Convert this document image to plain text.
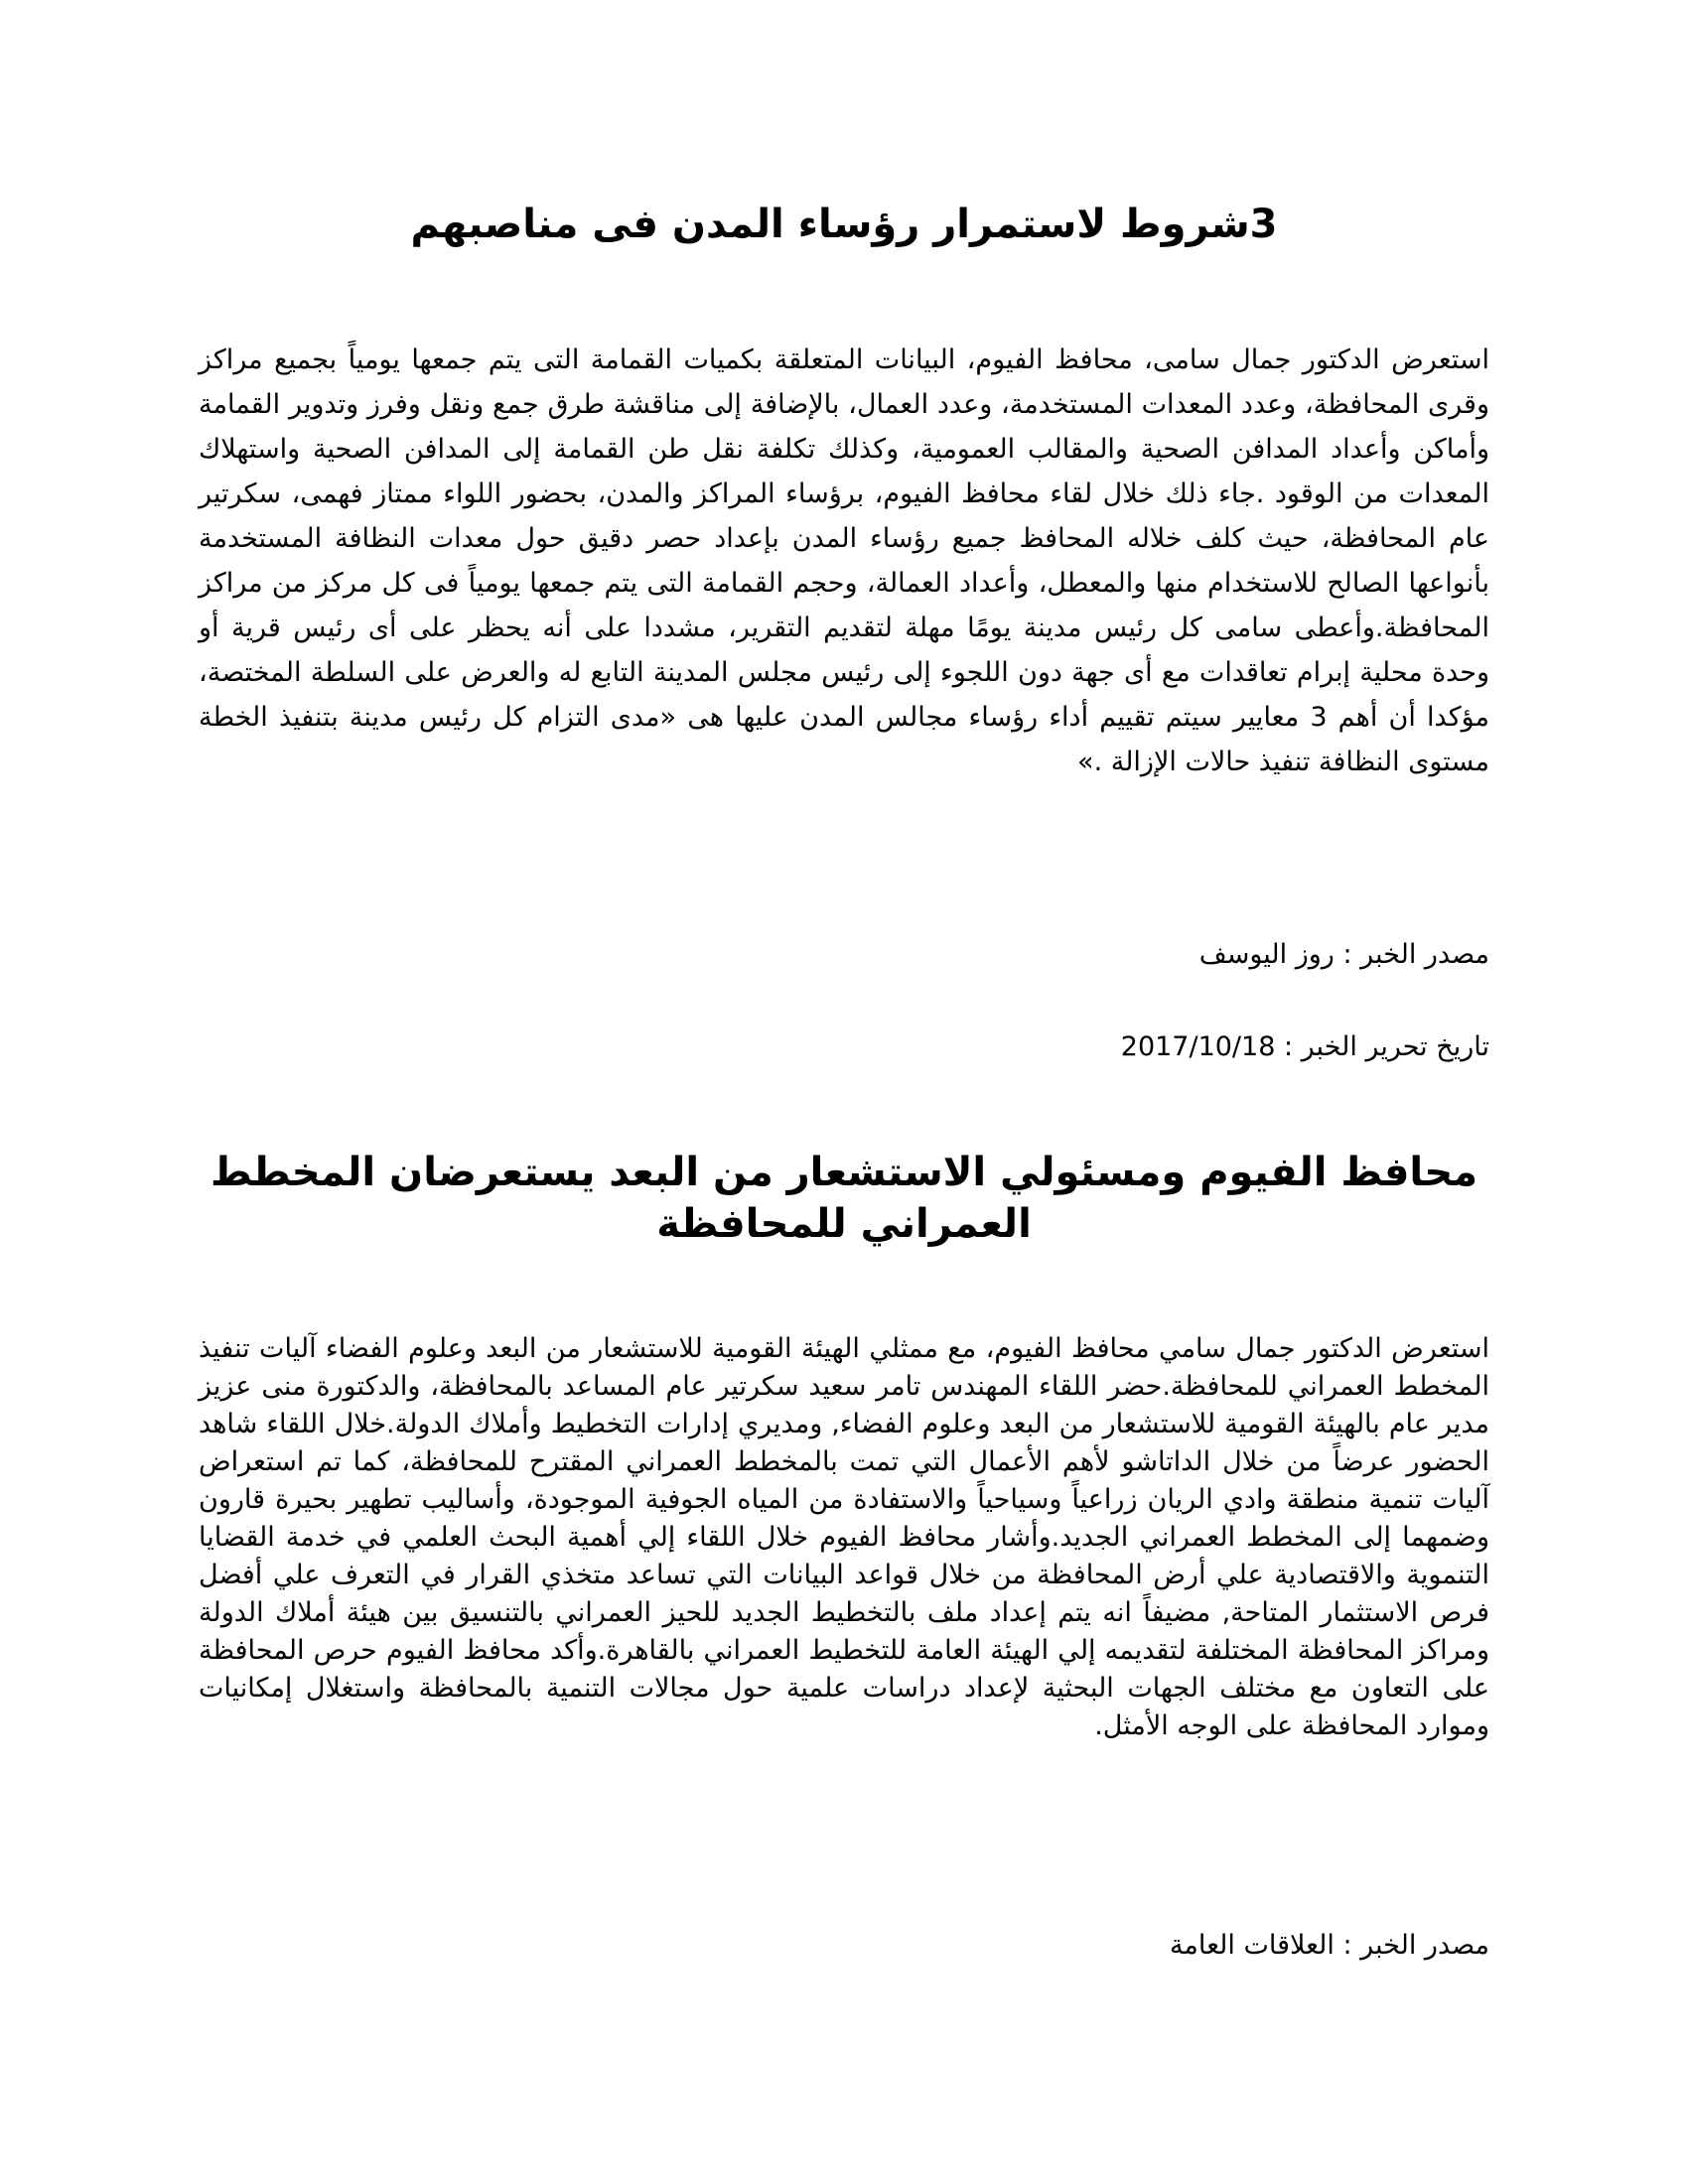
3شروط لاستمرار رؤساء المدن فى مناصبهم

استعرض الدكتور جمال سامى، محافظ الفيوم، البيانات المتعلقة بكميات القمامة التى يتم جمعها يومياً بجميع مراكز وقرى المحافظة، وعدد المعدات المستخدمة، وعدد العمال، بالإضافة إلى مناقشة طرق جمع ونقل وفرز وتدوير القمامة وأماكن وأعداد المدافن الصحية والمقالب العمومية، وكذلك تكلفة نقل طن القمامة إلى المدافن الصحية واستهلاك المعدات من الوقود .جاء ذلك خلال لقاء محافظ الفيوم، برؤساء المراكز والمدن، بحضور اللواء ممتاز فهمى، سكرتير عام المحافظة، حيث كلف خلاله المحافظ جميع رؤساء المدن بإعداد حصر دقيق حول معدات النظافة المستخدمة بأنواعها الصالح للاستخدام منها والمعطل، وأعداد العمالة، وحجم القمامة التى يتم جمعها يومياً فى كل مركز من مراكز المحافظة.وأعطى سامى كل رئيس مدينة يومًا مهلة لتقديم التقرير، مشددا على أنه يحظر على أى رئيس قرية أو وحدة محلية إبرام تعاقدات مع أى جهة دون اللجوء إلى رئيس مجلس المدينة التابع له والعرض على السلطة المختصة، مؤكدا أن أهم 3 معايير سيتم تقييم أداء رؤساء مجالس المدن عليها هى «مدى التزام كل رئيس مدينة بتنفيذ الخطة مستوى النظافة تنفيذ حالات الإزالة .»

مصدر الخبر : روز اليوسف
تاريخ تحرير الخبر : 2017/10/18
محافظ الفيوم ومسئولي الاستشعار من البعد يستعرضان المخطط العمراني للمحافظة

استعرض الدكتور جمال سامي محافظ الفيوم، مع ممثلي الهيئة القومية للاستشعار من البعد وعلوم الفضاء آليات تنفيذ المخطط العمراني للمحافظة.حضر اللقاء المهندس تامر سعيد سكرتير عام المساعد بالمحافظة، والدكتورة منى عزيز مدير عام بالهيئة القومية للاستشعار من البعد وعلوم الفضاء, ومديري إدارات التخطيط وأملاك الدولة.خلال اللقاء شاهد الحضور عرضاً من خلال الداتاشو لأهم الأعمال التي تمت بالمخطط العمراني المقترح للمحافظة، كما تم استعراض آليات تنمية منطقة وادي الريان زراعياً وسياحياً والاستفادة من المياه الجوفية الموجودة، وأساليب تطهير بحيرة قارون وضمهما إلى المخطط العمراني الجديد.وأشار محافظ الفيوم خلال اللقاء إلي أهمية البحث العلمي في خدمة القضايا التنموية والاقتصادية علي أرض المحافظة من خلال قواعد البيانات التي تساعد متخذي القرار في التعرف علي أفضل فرص الاستثمار المتاحة, مضيفاً انه يتم إعداد ملف بالتخطيط الجديد للحيز العمراني بالتنسيق بين هيئة أملاك الدولة ومراكز المحافظة المختلفة لتقديمه إلي الهيئة العامة للتخطيط العمراني بالقاهرة.وأكد محافظ الفيوم حرص المحافظة على التعاون مع مختلف الجهات البحثية لإعداد دراسات علمية حول مجالات التنمية بالمحافظة واستغلال إمكانيات وموارد المحافظة على الوجه الأمثل.

مصدر الخبر : العلاقات العامة
